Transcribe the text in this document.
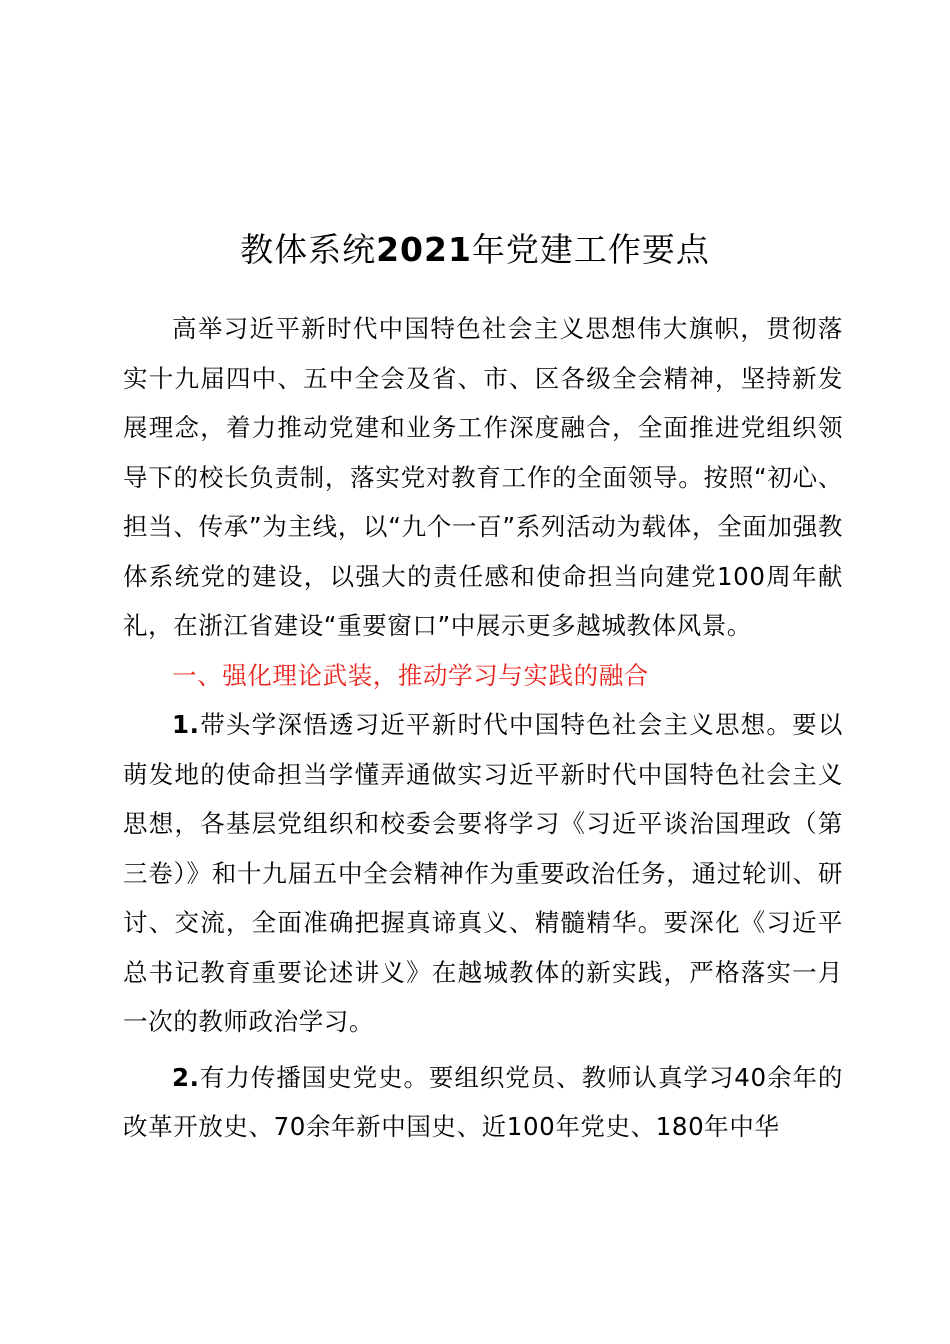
教体系统2021年党建工作要点

高举习近平新时代中国特色社会主义思想伟大旗帜，贯彻落实十九届四中、五中全会及省、市、区各级全会精神，坚持新发展理念，着力推动党建和业务工作深度融合，全面推进党组织领导下的校长负责制，落实党对教育工作的全面领导。按照“初心、担当、传承”为主线，以“九个一百”系列活动为载体，全面加强教体系统党的建设，以强大的责任感和使命担当向建党100周年献礼，在浙江省建设“重要窗口”中展示更多越城教体风景。

一、强化理论武装，推动学习与实践的融合

1.带头学深悟透习近平新时代中国特色社会主义思想。要以萌发地的使命担当学懂弄通做实习近平新时代中国特色社会主义思想，各基层党组织和校委会要将学习《习近平谈治国理政（第三卷）》和十九届五中全会精神作为重要政治任务，通过轮训、研讨、交流，全面准确把握真谛真义、精髓精华。要深化《习近平总书记教育重要论述讲义》在越城教体的新实践，严格落实一月一次的教师政治学习。

2.有力传播国史党史。要组织党员、教师认真学习40余年的改革开放史、70余年新中国史、近100年党史、180年中华
